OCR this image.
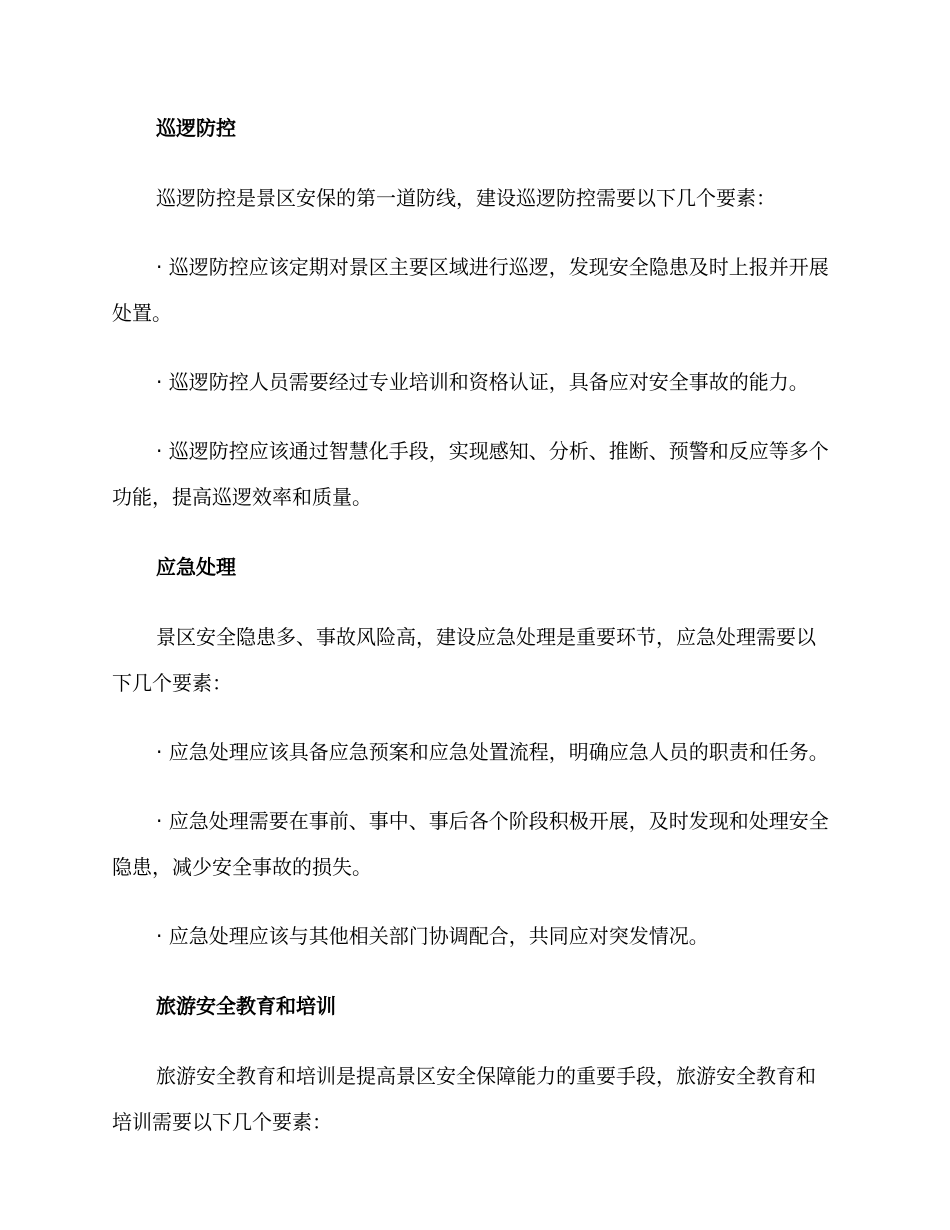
巡逻防控
巡逻防控是景区安保的第一道防线，建设巡逻防控需要以下几个要素：
· 巡逻防控应该定期对景区主要区域进行巡逻，发现安全隐患及时上报并开展处置。
· 巡逻防控人员需要经过专业培训和资格认证，具备应对安全事故的能力。
· 巡逻防控应该通过智慧化手段，实现感知、分析、推断、预警和反应等多个功能，提高巡逻效率和质量。
应急处理
景区安全隐患多、事故风险高，建设应急处理是重要环节，应急处理需要以下几个要素：
· 应急处理应该具备应急预案和应急处置流程，明确应急人员的职责和任务。
· 应急处理需要在事前、事中、事后各个阶段积极开展，及时发现和处理安全隐患，减少安全事故的损失。
· 应急处理应该与其他相关部门协调配合，共同应对突发情况。
旅游安全教育和培训
旅游安全教育和培训是提高景区安全保障能力的重要手段，旅游安全教育和培训需要以下几个要素：
